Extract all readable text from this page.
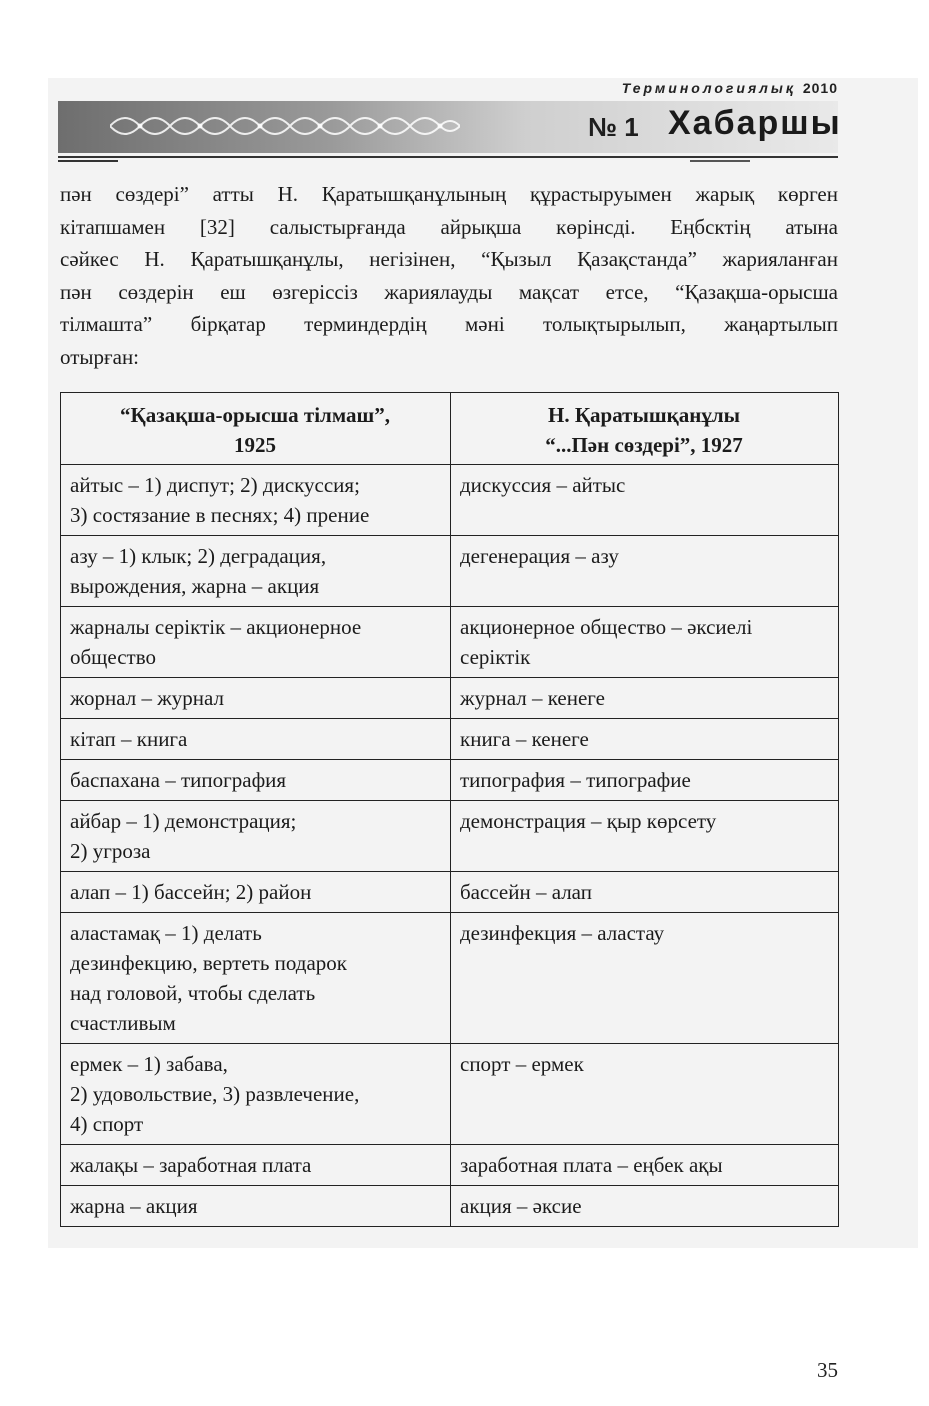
Терминологиялық 2010
№ 1 Хабаршы
пән сөздері” атты Н. Қаратышқанұлының құрастыруымен жарық көрген
кітапшамен [32] салыстырғанда айрықша көрінсді. Еңбсктің атына
сәйкес Н. Қаратышқанұлы, негізінен, “Қызыл Қазақстанда” жарияланған
пән сөздерін еш өзгеріссіз жариялауды мақсат етсе, “Қазақша-орысша
тілмашта” бірқатар терминдердің мәні толықтырылып, жаңартылып
отырған:
“Қазақша-орысша тілмаш”,
1925	Н. Қаратышқанұлы
“...Пән сөздері”, 1927

айтыс – 1) диспут; 2) дискуссия;
3) состязание в песнях; 4) прение	дискуссия – айтыс

азу – 1) клык; 2) деградация,
вырождения, жарна – акция	дегенерация – азу

жарналы серіктік – акционерное
общество	акционерное общество – әксиелі
серіктік

жорнал – журнал	журнал – кенеге

кітап – книга	книга – кенеге

баспахана – типография	типография – типографие

айбар – 1) демонстрация;
2) угроза	демонстрация – қыр көрсету

алап – 1) бассейн; 2) район	бассейн – алап

аластамақ – 1) делать
дезинфекцию, вертеть подарок
над головой, чтобы сделать
счастливым	дезинфекция – аластау

ермек – 1) забава,
2) удовольствие, 3) развлечение,
4) спорт	спорт – ермек

жалақы – заработная плата	заработная плата – еңбек ақы

жарна – акция	акция – әксие
35
